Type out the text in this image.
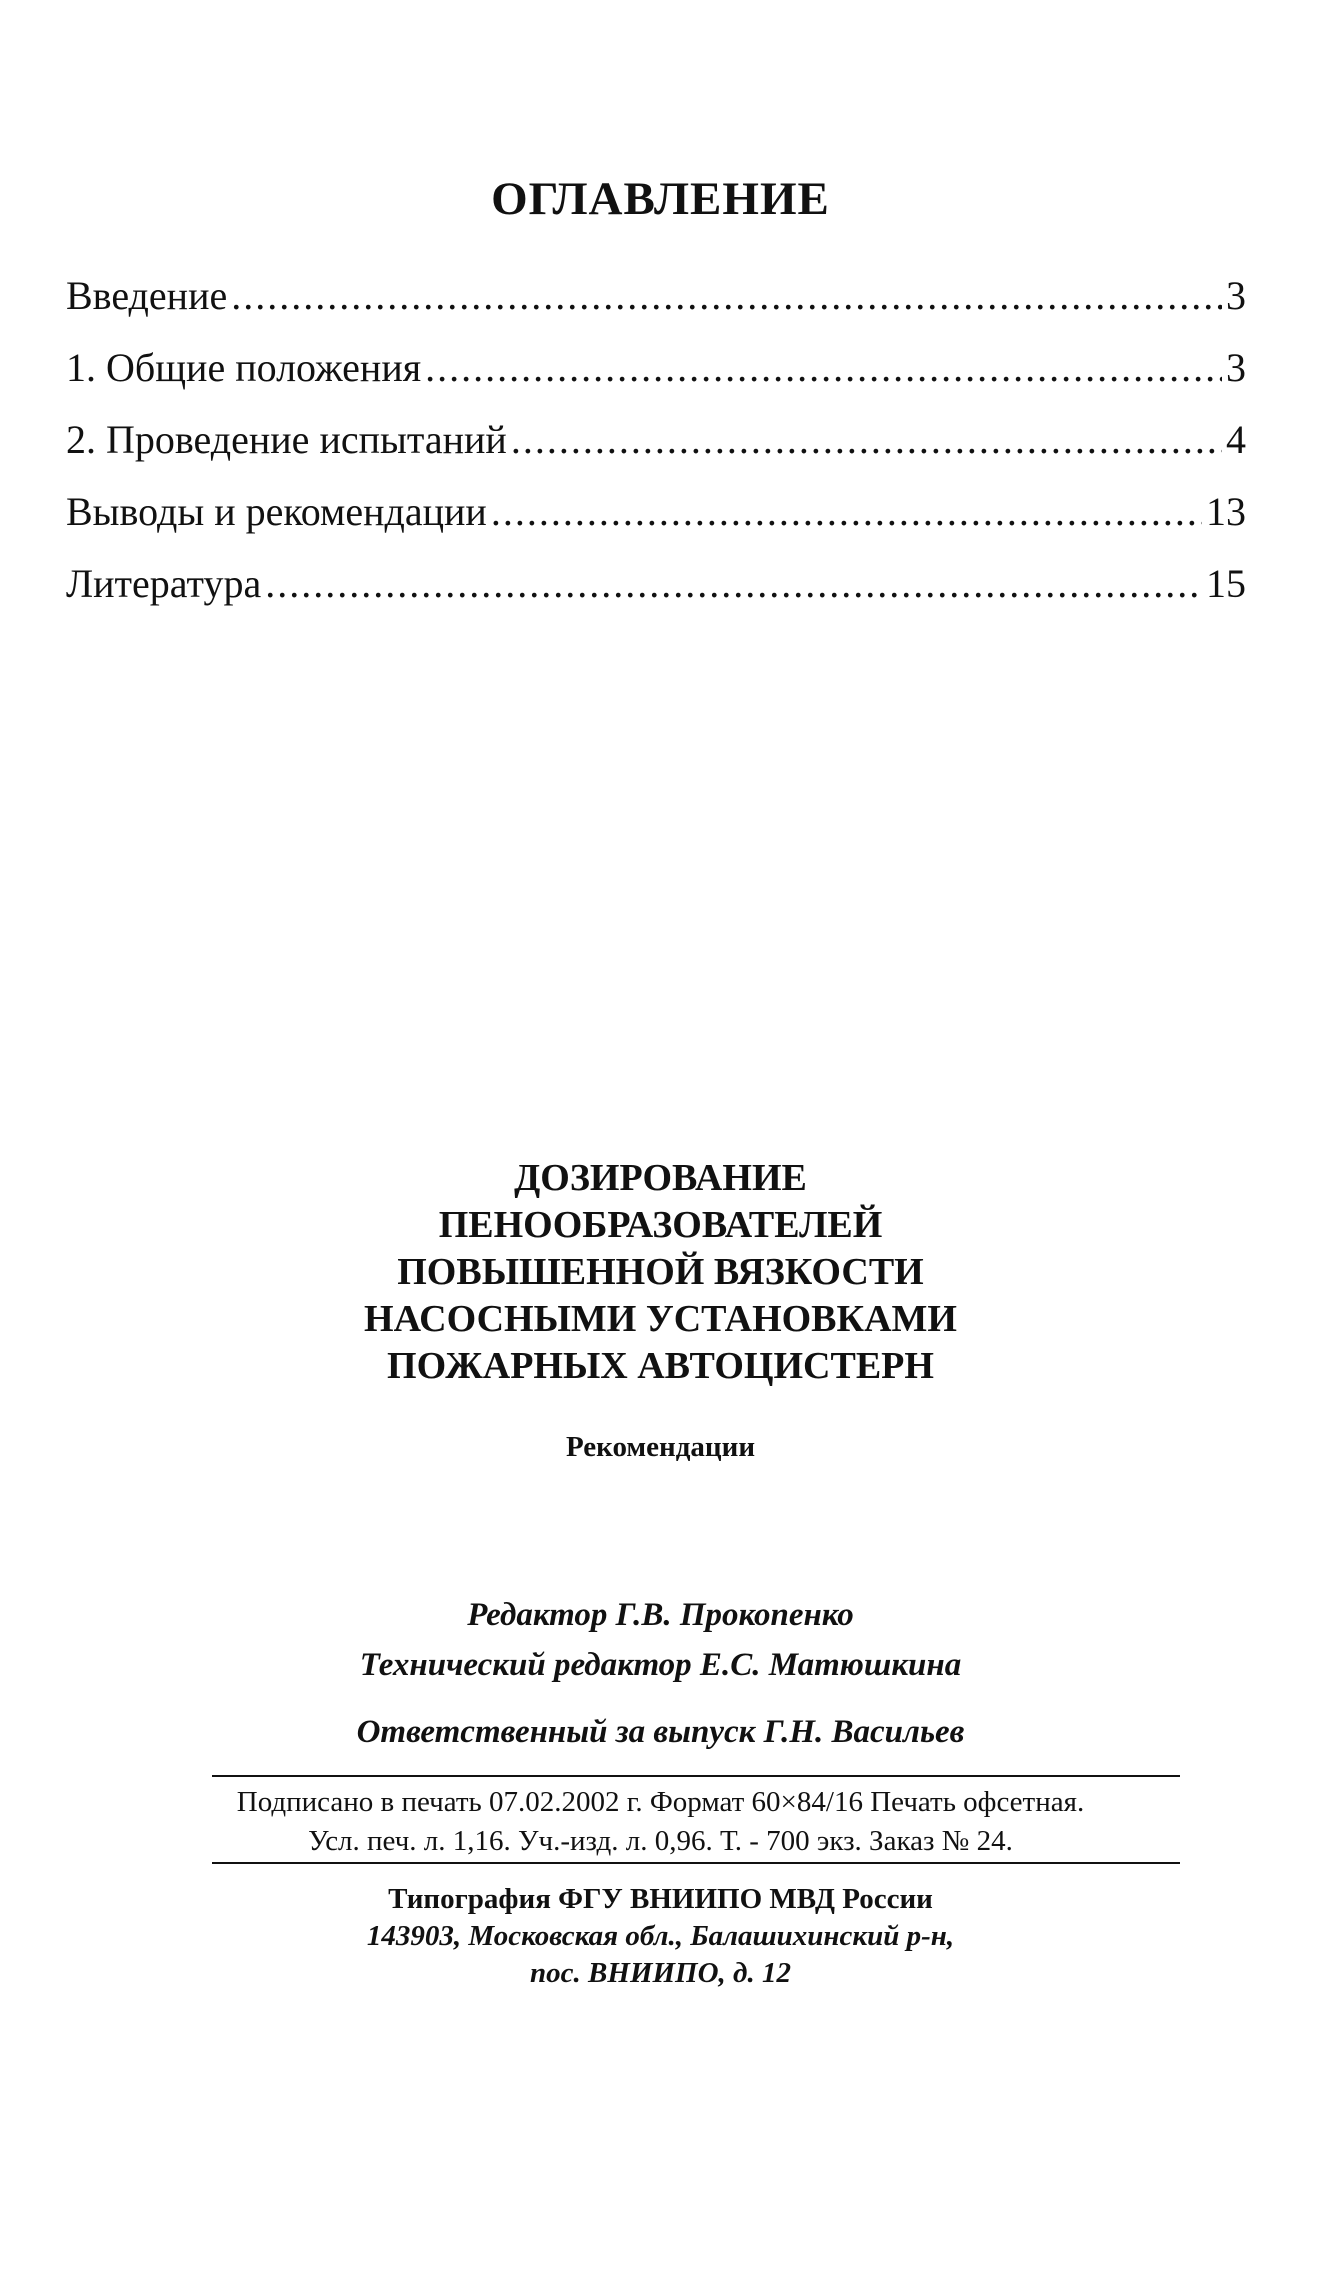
ОГЛАВЛЕНИЕ
Введение .....	3
1. Общие положения .....	3
2. Проведение испытаний .....	4
Выводы и рекомендации .....	13
Литература .....	15
ДОЗИРОВАНИЕ
ПЕНООБРАЗОВАТЕЛЕЙ
ПОВЫШЕННОЙ ВЯЗКОСТИ
НАСОСНЫМИ УСТАНОВКАМИ
ПОЖАРНЫХ АВТОЦИСТЕРН
Рекомендации
Редактор Г.В. Прокопенко
Технический редактор Е.С. Матюшкина
Ответственный за выпуск Г.Н. Васильев
Подписано в печать 07.02.2002 г. Формат 60×84/16 Печать офсетная.
Усл. печ. л. 1,16. Уч.-изд. л. 0,96. Т. - 700 экз. Заказ № 24.
Типография ФГУ ВНИИПО МВД России
143903, Московская обл., Балашихинский р-н,
пос. ВНИИПО, д. 12
